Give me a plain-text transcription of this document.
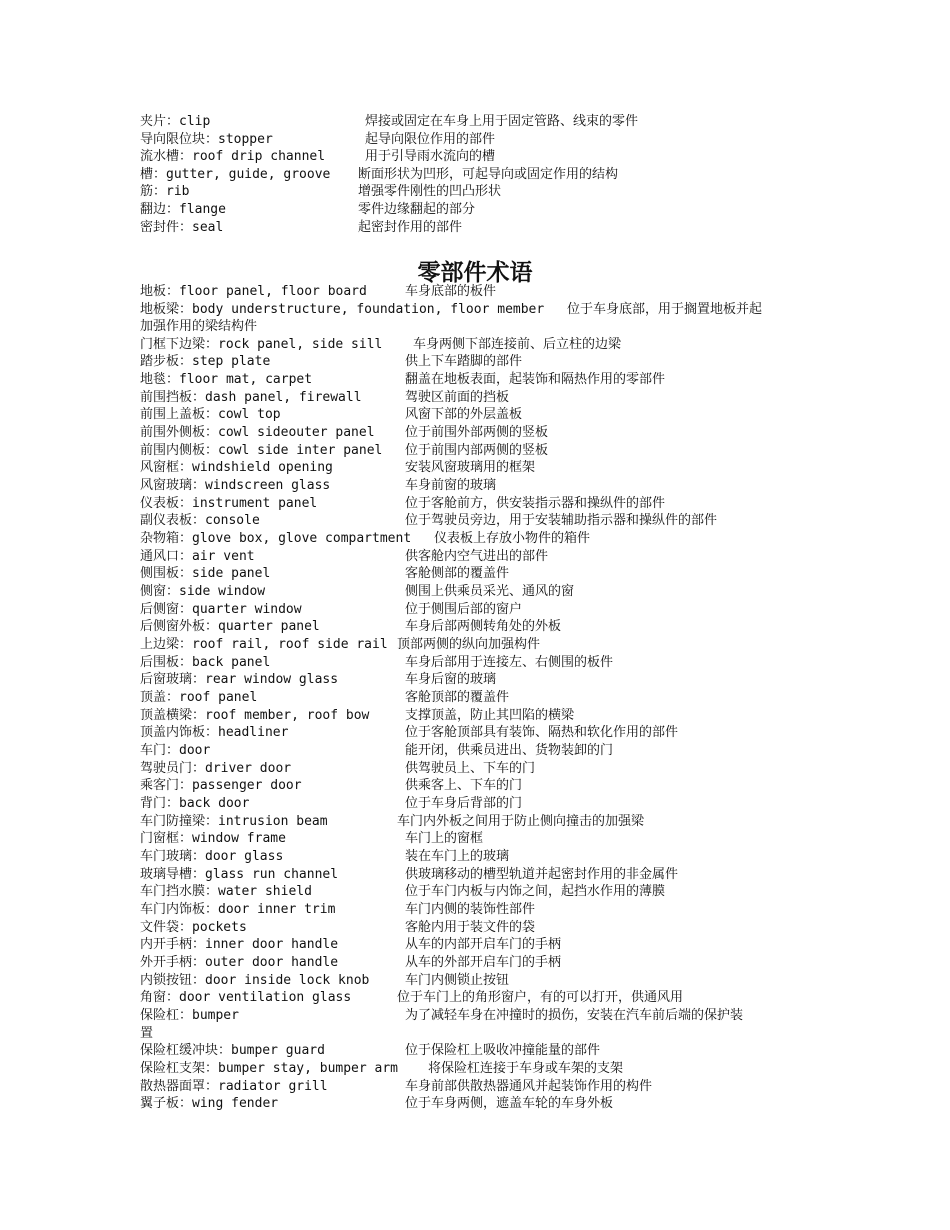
夹片：clip	焊接或固定在车身上用于固定管路、线束的零件
导向限位块：stopper	起导向限位作用的部件
流水槽：roof drip channel	用于引导雨水流向的槽
槽：gutter, guide, groove 断面形状为凹形，可起导向或固定作用的结构
筋：rib	增强零件刚性的凹凸形状
翻边：flange	零件边缘翻起的部分
密封件：seal	起密封作用的部件
零部件术语
地板：floor panel, floor board	车身底部的板件
地板梁：body understructure, foundation, floor member 位于车身底部，用于搁置地板并起
加强作用的梁结构件
门框下边梁：rock panel, side sill 车身两侧下部连接前、后立柱的边梁
踏步板：step plate	供上下车踏脚的部件
地毯：floor mat, carpet	翻盖在地板表面，起装饰和隔热作用的零部件
前围挡板：dash panel, firewall	驾驶区前面的挡板
前围上盖板：cowl top	风窗下部的外层盖板
前围外侧板：cowl sideouter panel 位于前围外部两侧的竖板
前围内侧板：cowl side inter panel 位于前围内部两侧的竖板
风窗框：windshield opening	安装风窗玻璃用的框架
风窗玻璃：windscreen glass	车身前窗的玻璃
仪表板：instrument panel	位于客舱前方，供安装指示器和操纵件的部件
副仪表板：console	位于驾驶员旁边，用于安装辅助指示器和操纵件的部件
杂物箱：glove box, glove compartment 仪表板上存放小物件的箱件
通风口：air vent	供客舱内空气进出的部件
侧围板：side panel	客舱侧部的覆盖件
侧窗：side window	侧围上供乘员采光、通风的窗
后侧窗：quarter window	位于侧围后部的窗户
后侧窗外板：quarter panel	车身后部两侧转角处的外板
上边梁：roof rail, roof side rail 顶部两侧的纵向加强构件
后围板：back panel	车身后部用于连接左、右侧围的板件
后窗玻璃：rear window glass	车身后窗的玻璃
顶盖：roof panel	客舱顶部的覆盖件
顶盖横梁：roof member, roof bow	支撑顶盖，防止其凹陷的横梁
顶盖内饰板：headliner	位于客舱顶部具有装饰、隔热和软化作用的部件
车门：door	能开闭，供乘员进出、货物装卸的门
驾驶员门：driver door	供驾驶员上、下车的门
乘客门：passenger door	供乘客上、下车的门
背门：back door	位于车身后背部的门
车门防撞梁：intrusion beam	车门内外板之间用于防止侧向撞击的加强梁
门窗框：window frame	车门上的窗框
车门玻璃：door glass	装在车门上的玻璃
玻璃导槽：glass run channel	供玻璃移动的槽型轨道并起密封作用的非金属件
车门挡水膜：water shield	位于车门内板与内饰之间，起挡水作用的薄膜
车门内饰板：door inner trim	车门内侧的装饰性部件
文件袋：pockets	客舱内用于装文件的袋
内开手柄：inner door handle	从车的内部开启车门的手柄
外开手柄：outer door handle	从车的外部开启车门的手柄
内锁按钮：door inside lock knob	车门内侧锁止按钮
角窗：door ventilation glass	位于车门上的角形窗户，有的可以打开，供通风用
保险杠：bumper	为了减轻车身在冲撞时的损伤，安装在汽车前后端的保护装
置
保险杠缓冲块：bumper guard	位于保险杠上吸收冲撞能量的部件
保险杠支架：bumper stay, bumper arm 将保险杠连接于车身或车架的支架
散热器面罩：radiator grill	车身前部供散热器通风并起装饰作用的构件
翼子板：wing fender	位于车身两侧，遮盖车轮的车身外板
